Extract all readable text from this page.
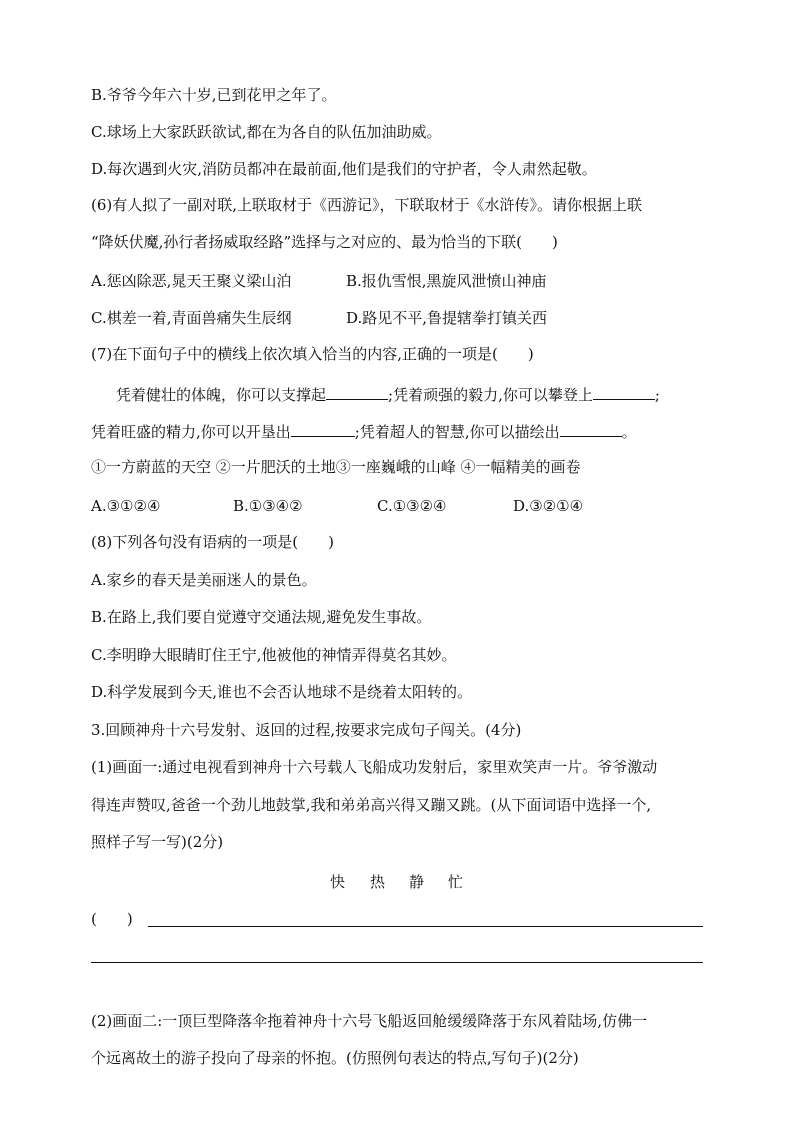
B.爷爷今年六十岁,已到花甲之年了。
C.球场上大家跃跃欲试,都在为各自的队伍加油助威。
D.每次遇到火灾,消防员都冲在最前面,他们是我们的守护者，令人肃然起敬。
(6)有人拟了一副对联,上联取材于《西游记》，下联取材于《水浒传》。请你根据上联
“降妖伏魔,孙行者扬威取经路”选择与之对应的、最为恰当的下联(　　)
A.惩凶除恶,晁天王聚义梁山泊	B.报仇雪恨,黑旋风泄愤山神庙
C.棋差一着,青面兽痛失生辰纲	D.路见不平,鲁提辖拳打镇关西
(7)在下面句子中的横线上依次填入恰当的内容,正确的一项是(　　)
凭着健壮的体魄，你可以支撑起	;凭着顽强的毅力,你可以攀登上	;
凭着旺盛的精力,你可以开垦出	;凭着超人的智慧,你可以描绘出	。
①一方蔚蓝的天空 ②一片肥沃的土地③一座巍峨的山峰 ④一幅精美的画卷
A.③①②④	B.①③④②	C.①③②④	D.③②①④
(8)下列各句没有语病的一项是(　　)
A.家乡的春天是美丽迷人的景色。
B.在路上,我们要自觉遵守交通法规,避免发生事故。
C.李明睁大眼睛盯住王宁,他被他的神情弄得莫名其妙。
D.科学发展到今天,谁也不会否认地球不是绕着太阳转的。
3.回顾神舟十六号发射、返回的过程,按要求完成句子闯关。(4分)
(1)画面一:通过电视看到神舟十六号载人飞船成功发射后，家里欢笑声一片。爷爷激动
得连声赞叹,爸爸一个劲儿地鼓掌,我和弟弟高兴得又蹦又跳。(从下面词语中选择一个,
照样子写一写)(2分)
快 热 静 忙
(　　)
(2)画面二:一顶巨型降落伞拖着神舟十六号飞船返回舱缓缓降落于东风着陆场,仿佛一
个远离故土的游子投向了母亲的怀抱。(仿照例句表达的特点,写句子)(2分)
